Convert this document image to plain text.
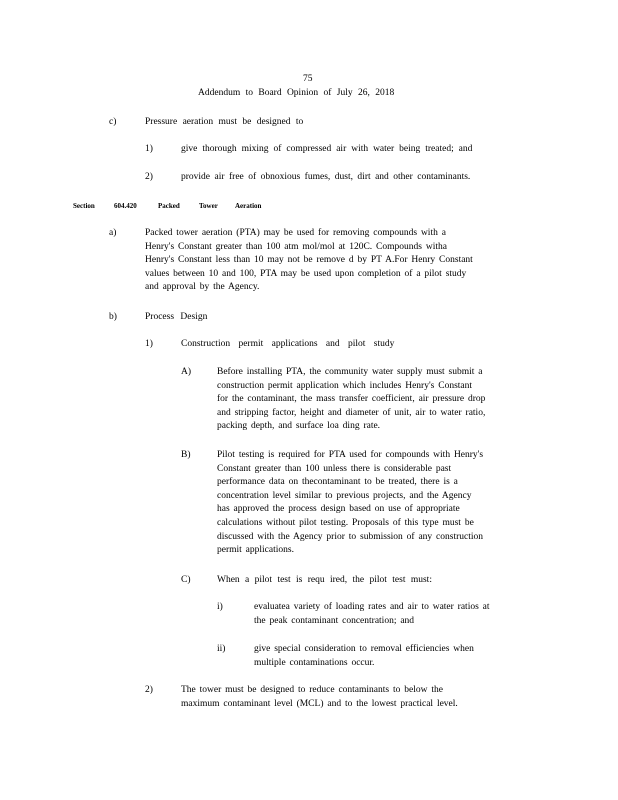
75
Addendum to Board Opinion of July 26, 2018
c)	Pressure aeration must be designed to
1)	give thorough mixing of compressed air with water being treated; and
2)	provide air free of obnoxious fumes, dust, dirt and other contaminants.
Section	604.420	Packed	Tower Aeration
a)	Packed tower aeration (PTA) may be used for removing compounds with a
Henry's Constant greater than 100 atm mol/mol at 120C. Compounds witha
Henry's Constant less than 10 may not be remove d by PT A.For Henry Constant
values between 10 and 100, PTA may be used upon completion of a pilot study
and approval by the Agency.
b)	Process Design
1)	Construction permit applications and pilot study
A)	Before installing PTA, the community water supply must submit a
construction permit application which includes Henry's Constant
for the contaminant, the mass transfer coefficient, air pressure drop
and stripping factor, height and diameter of unit, air to water ratio,
packing depth, and surface loa ding rate.
B)	Pilot testing is required for PTA used for compounds with Henry's
Constant greater than 100 unless there is considerable past
performance data on thecontaminant to be treated, there is a
concentration level similar to previous projects, and the Agency
has approved the process design based on use of appropriate
calculations without pilot testing. Proposals of this type must be
discussed with the Agency prior to submission of any construction
permit applications.
C)	When a pilot test is requ ired, the pilot test must:
i)	evaluatea variety of loading rates and air to water ratios at
the peak contaminant concentration; and
ii)	give special consideration to removal efficiencies when
multiple contaminations occur.
2)	The tower must be designed to reduce contaminants to below the
maximum contaminant level (MCL) and to the lowest practical level.
